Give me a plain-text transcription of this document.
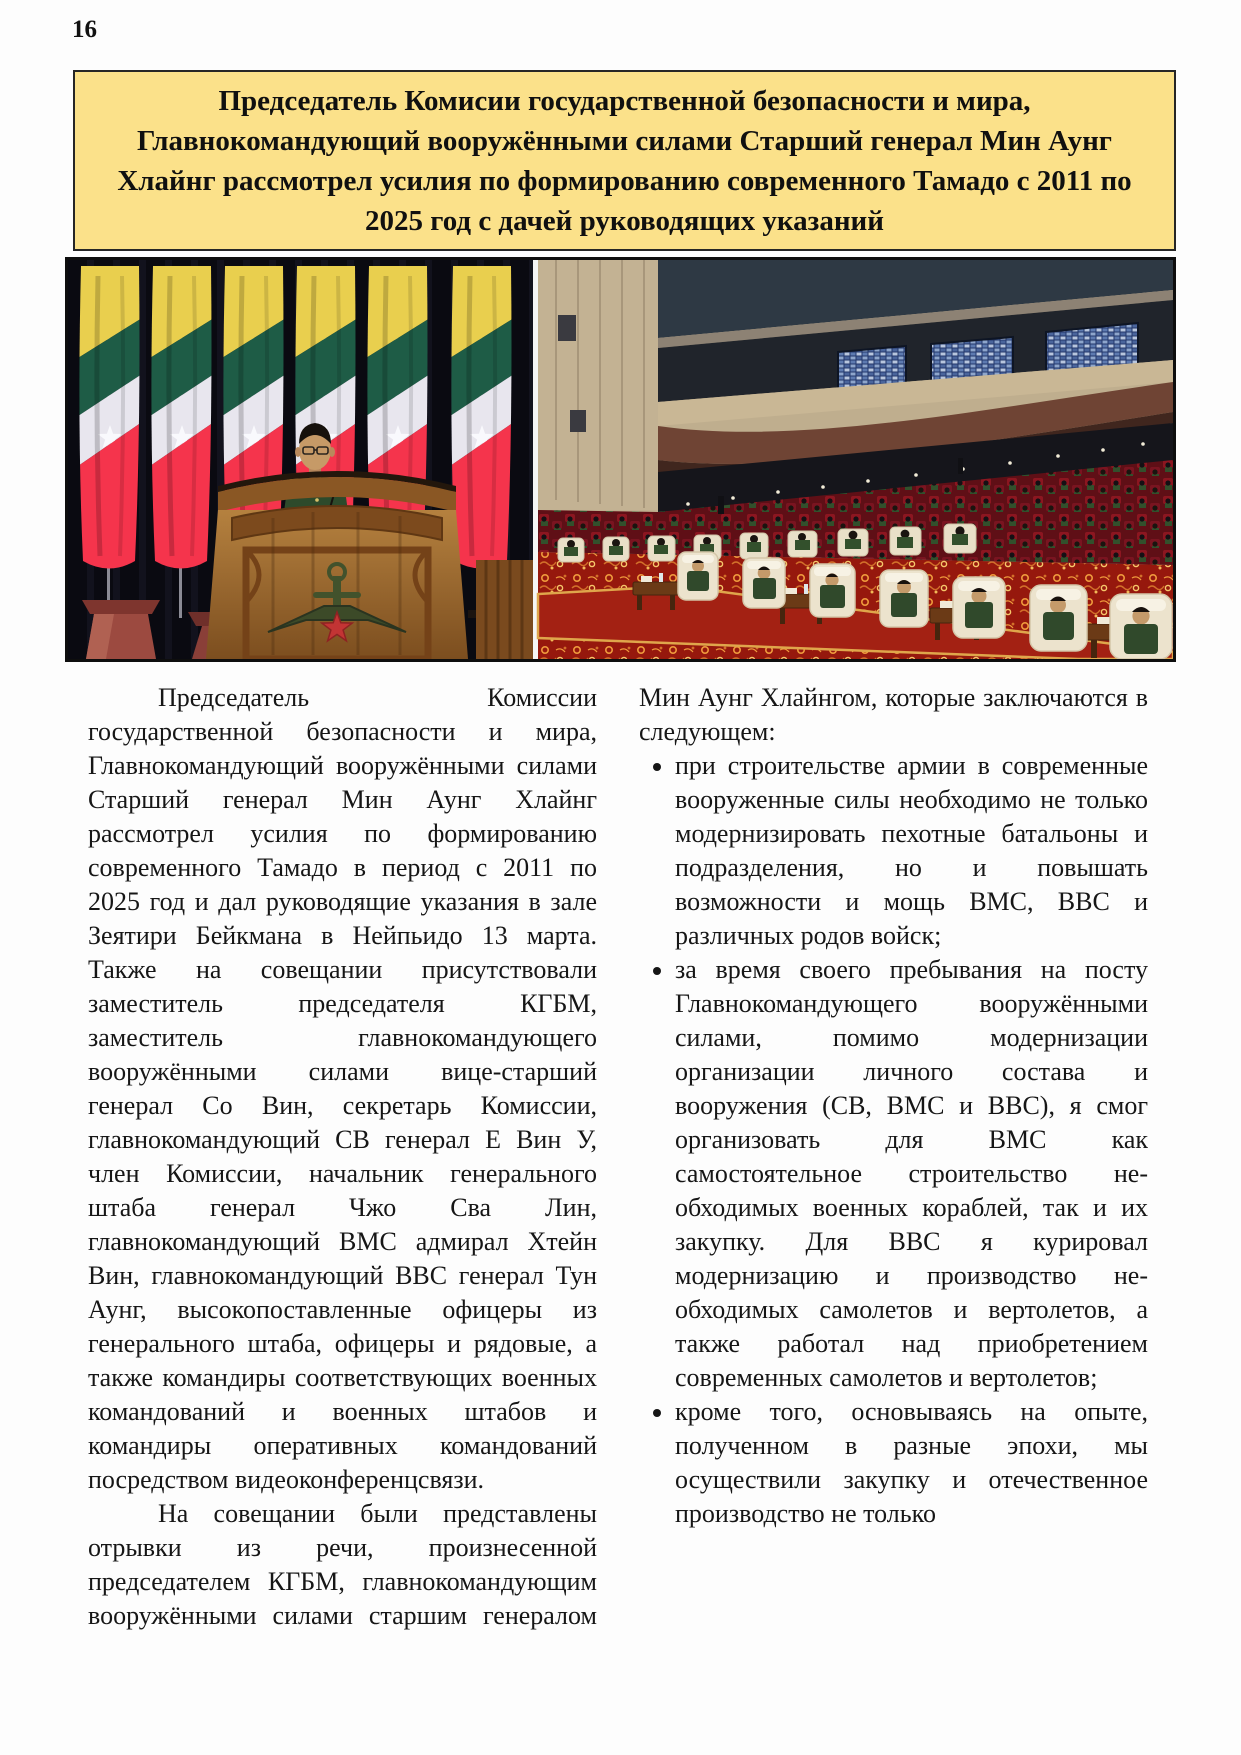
16
Председатель Комисии государственной безопасности и мира, Главнокомандующий вооружёнными силами Старший генерал Мин Аунг Хлайнг рассмотрел усилия по формированию современного Тамадо с 2011 по 2025 год с дачей руководящих указаний

Председатель Комиссии государственной безопасности и мира, Главнокомандующий вооружёнными силами Старший генерал Мин Аунг Хлайнг рассмотрел усилия по формированию современного Тамадо в период с 2011 по 2025 год и дал руководящие указания в зале Зеятири Бейкмана в Нейпьидо 13 марта. Также на совещании присутствовали заместитель председателя КГБМ, заместитель главнокомандующего вооружёнными силами вице-старший генерал Со Вин, секретарь Комиссии, главнокомандующий СВ генерал Е Вин У, член Комиссии, начальник генерального штаба генерал Чжо Сва Лин, главнокомандующий ВМС адмирал Хтейн Вин, главнокомандующий ВВС генерал Тун Аунг, высокопоставленные офицеры из генерального штаба, офицеры и рядовые, а также командиры соответствующих военных командований и военных штабов и командиры оперативных командований посредством видеоконференцсвязи.

На совещании были представлены отрывки из речи, произнесенной председателем КГБМ, главнокомандующим вооружёнными силами старшим генералом Мин Аунг Хлайнгом, которые заключаются в следующем:

• при строительстве армии в современные вооруженные силы необходимо не только модернизировать пехотные батальоны и подразделения, но и повышать возможности и мощь ВМС, ВВС и различных родов войск;
• за время своего пребывания на посту Главнокомандующего вооружёнными силами, помимо модернизации организации личного состава и вооружения (СВ, ВМС и ВВС), я смог организовать для ВМС как самостоятельное строительство необходимых военных кораблей, так и их закупку. Для ВВС я курировал модернизацию и производство необходимых самолетов и вертолетов, а также работал над приобретением современных самолетов и вертолетов;
• кроме того, основываясь на опыте, полученном в разные эпохи, мы осуществили закупку и отечественное производство не только
